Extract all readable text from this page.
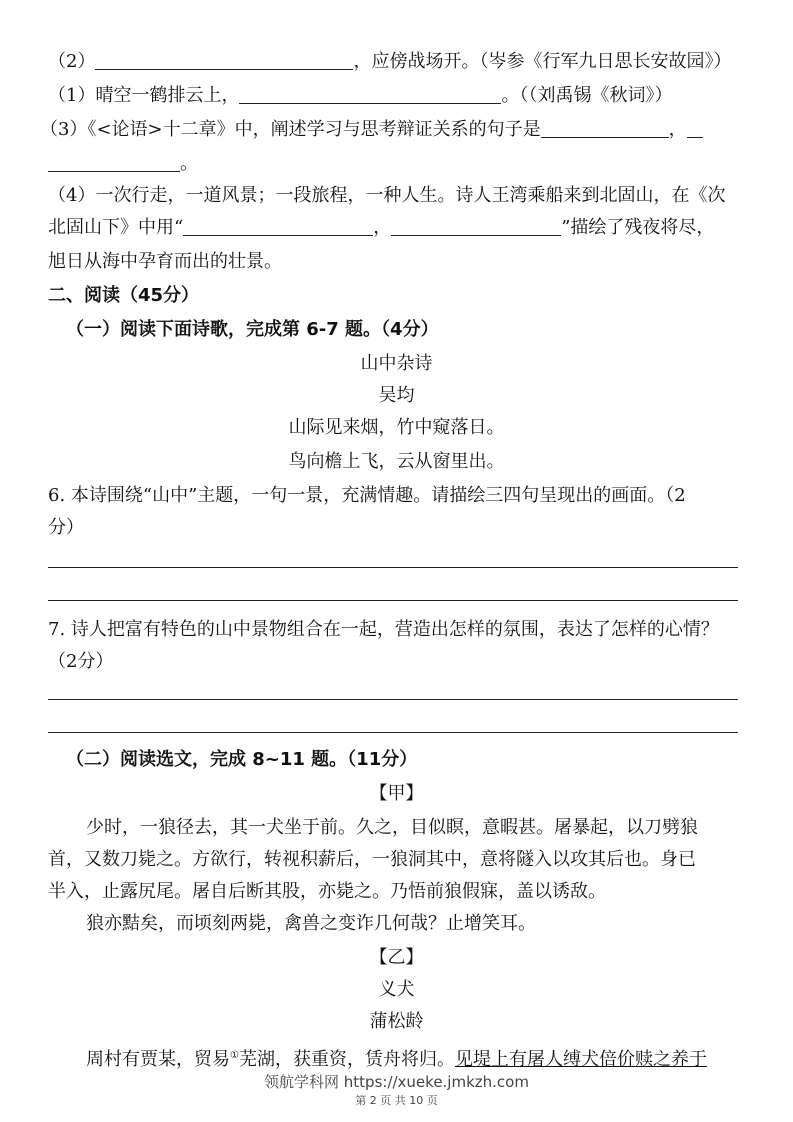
（2）	，应傍战场开。（岑参《行军九日思长安故园》）
（1）晴空一鹤排云上，	。（（刘禹锡《秋词》）
（3）《<论语>十二章》中，阐述学习与思考辩证关系的句子是	，
。
（4）一次行走，一道风景；一段旅程，一种人生。诗人王湾乘船来到北固山，在《次
北固山下》中用“	，	”描绘了残夜将尽，
旭日从海中孕育而出的壮景。
二、阅读（45分）
（一）阅读下面诗歌，完成第 6-7 题。（4分）
山中杂诗
吴均
山际见来烟，竹中窥落日。
鸟向檐上飞，云从窗里出。
6. 本诗围绕“山中”主题，一句一景，充满情趣。请描绘三四句呈现出的画面。（2
分）
7. 诗人把富有特色的山中景物组合在一起，营造出怎样的氛围，表达了怎样的心情？
（2分）
（二）阅读选文，完成 8~11 题。（11分）
【甲】
少时，一狼径去，其一犬坐于前。久之，目似瞑，意暇甚。屠暴起，以刀劈狼
首，又数刀毙之。方欲行，转视积薪后，一狼洞其中，意将隧入以攻其后也。身已
半入，止露尻尾。屠自后断其股，亦毙之。乃悟前狼假寐，盖以诱敌。
狼亦黠矣，而顷刻两毙，禽兽之变诈几何哉？止增笑耳。
【乙】
义犬
蒲松龄
周村有贾某，贸易①芜湖，获重资，赁舟将归。见堤上有屠人缚犬倍价赎之养于
领航学科网 https://xueke.jmkzh.com
第 2 页 共 10 页
